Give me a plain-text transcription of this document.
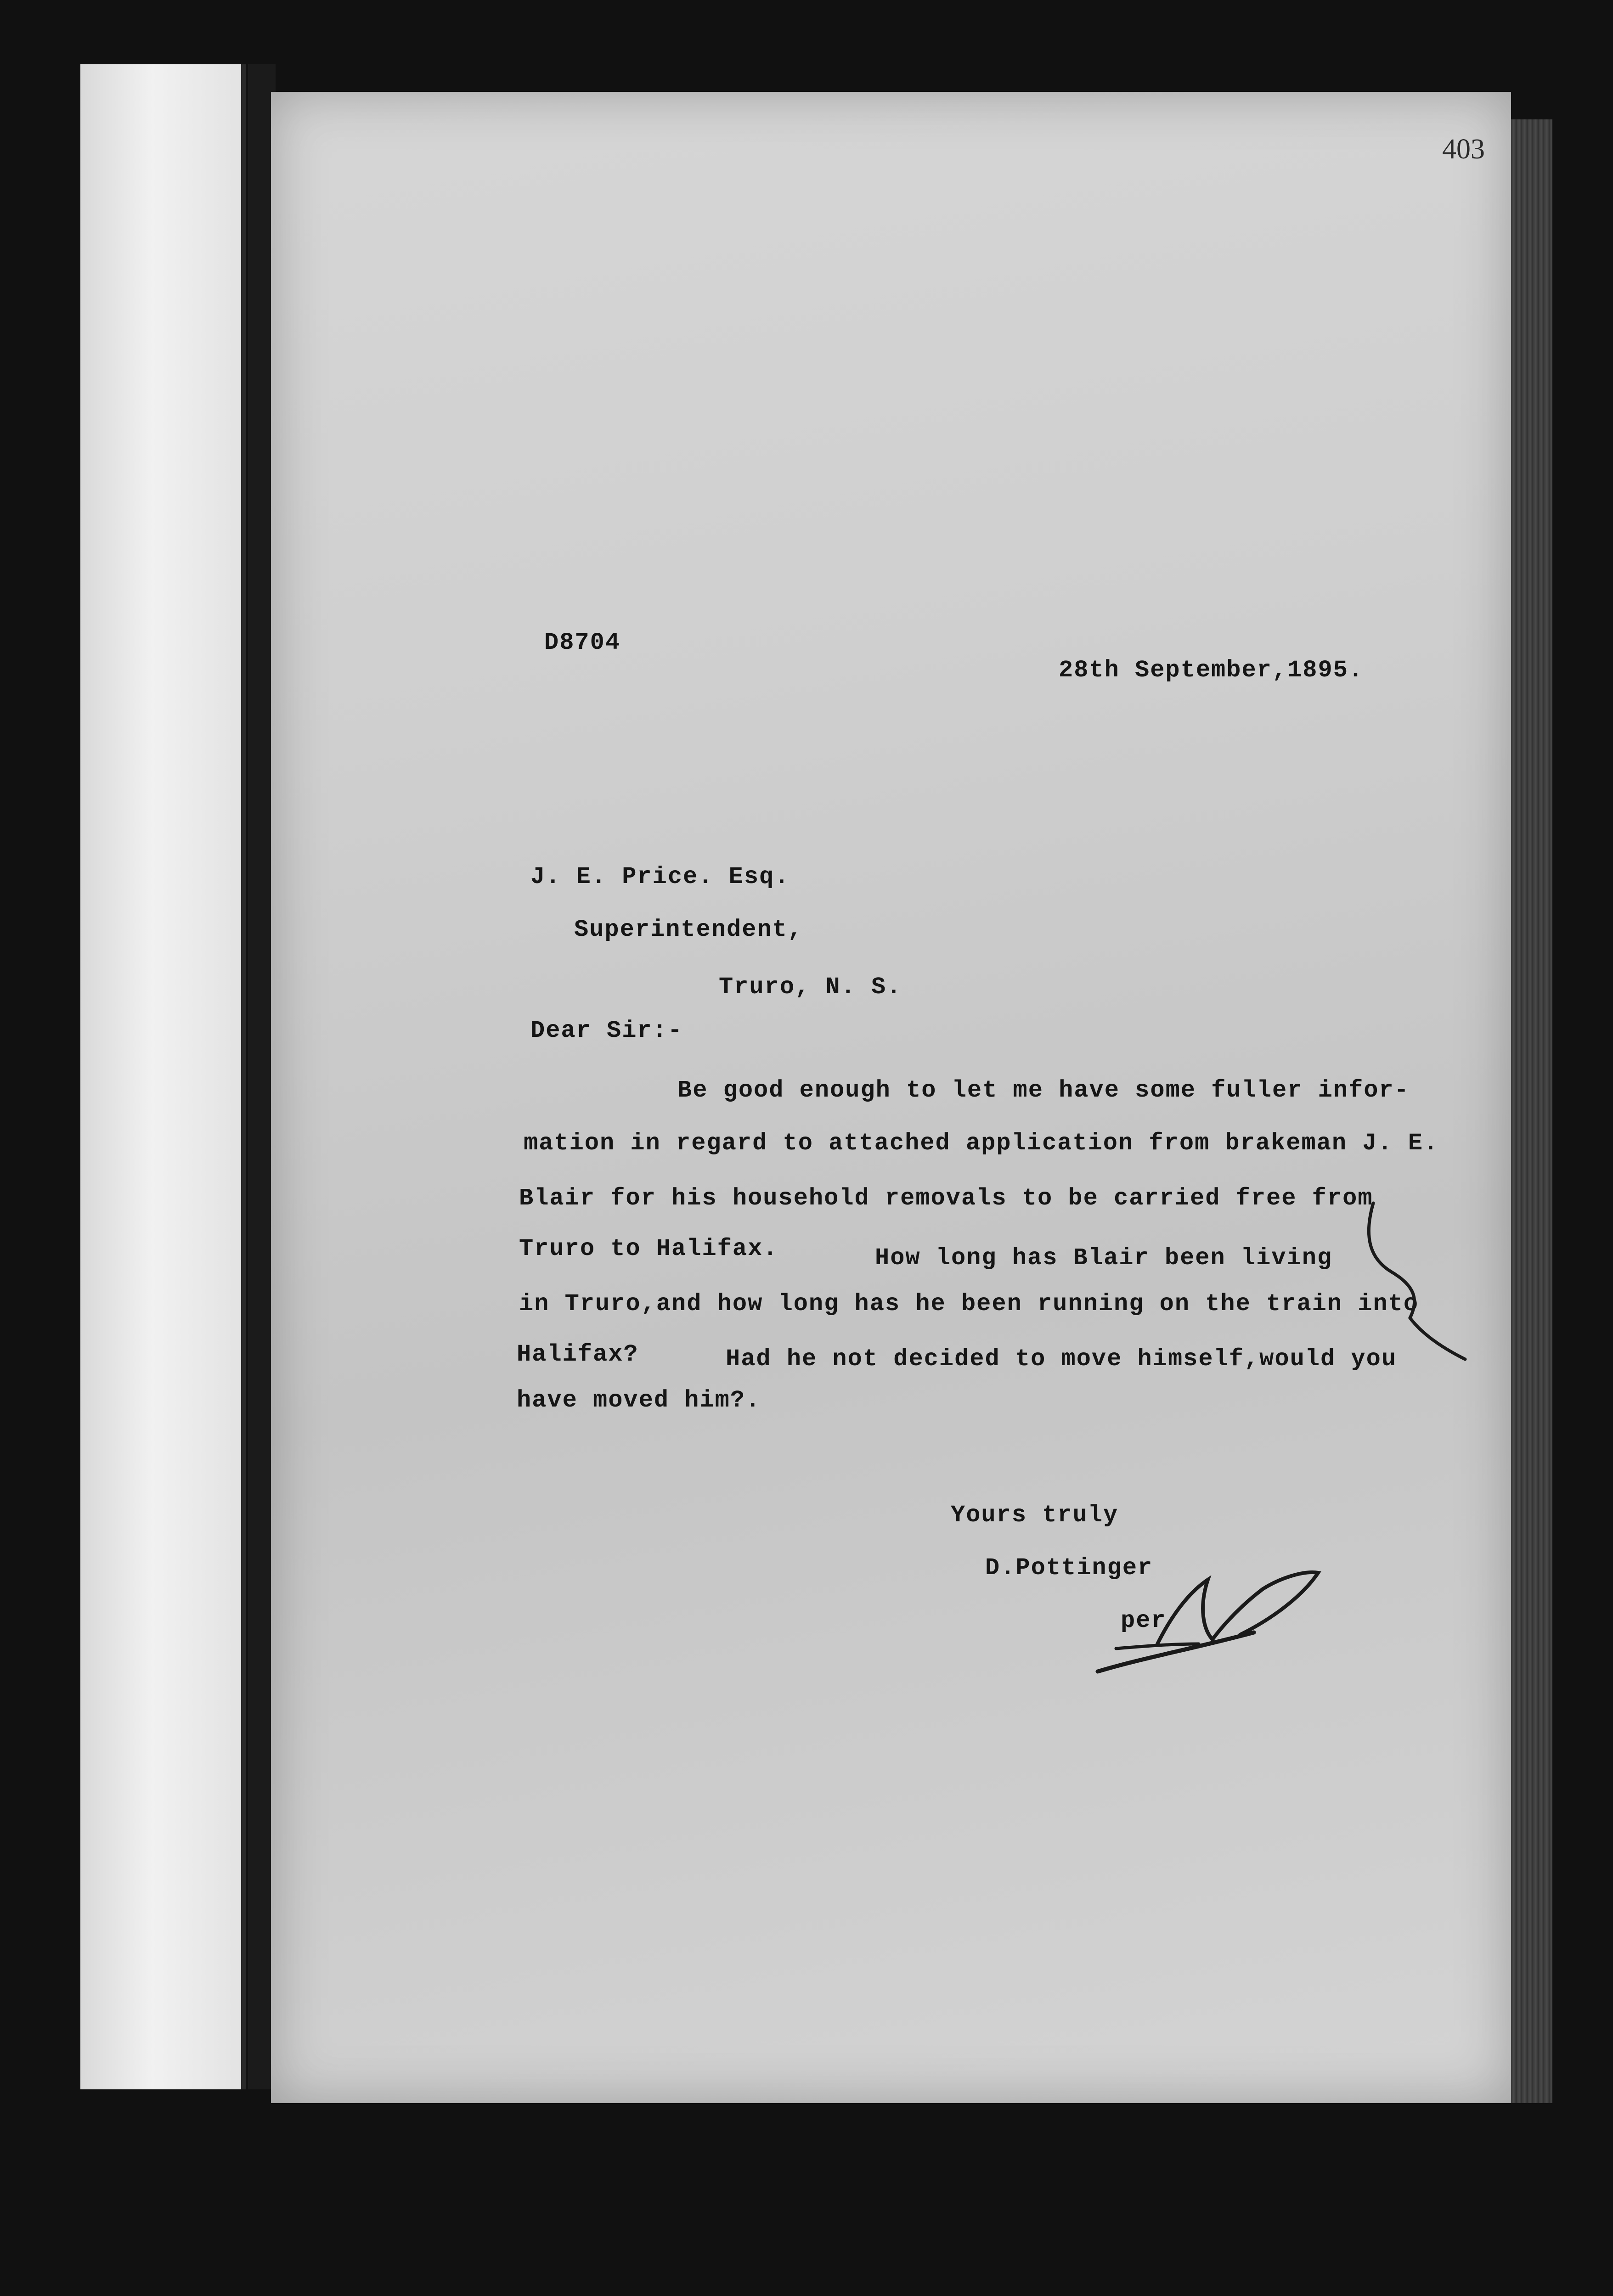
403
D8704
28th September,1895.
J. E. Price. Esq.
Superintendent,
Truro, N. S.
Dear Sir:-
Be good enough to let me have some fuller infor-
mation in regard to attached application from brakeman J. E.
Blair for his household removals to be carried free from
Truro to Halifax.	How long has Blair been living
in Truro,and how long has he been running on the train into
Halifax?	Had he not decided to move himself,would you
have moved him?.
Yours truly
D.Pottinger
per
